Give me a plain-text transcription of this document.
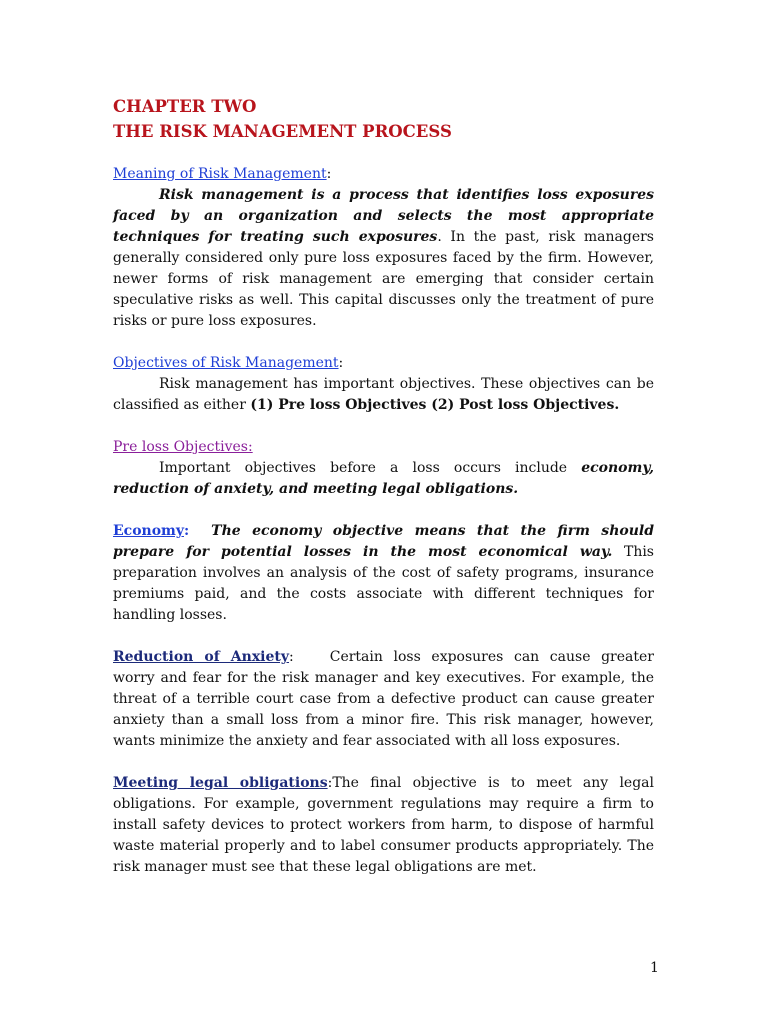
CHAPTER TWO
THE RISK MANAGEMENT PROCESS

Meaning of Risk Management:
Risk management is a process that identifies loss exposures faced by an organization and selects the most appropriate techniques for treating such exposures. In the past, risk managers generally considered only pure loss exposures faced by the firm. However, newer forms of risk management are emerging that consider certain speculative risks as well. This capital discusses only the treatment of pure risks or pure loss exposures.

Objectives of Risk Management:
Risk management has important objectives. These objectives can be classified as either (1) Pre loss Objectives (2) Post loss Objectives.

Pre loss Objectives:
Important objectives before a loss occurs include economy, reduction of anxiety, and meeting legal obligations.

Economy: The economy objective means that the firm should prepare for potential losses in the most economical way. This preparation involves an analysis of the cost of safety programs, insurance premiums paid, and the costs associate with different techniques for handling losses.

Reduction of Anxiety:	Certain loss exposures can cause greater worry and fear for the risk manager and key executives. For example, the threat of a terrible court case from a defective product can cause greater anxiety than a small loss from a minor fire. This risk manager, however, wants minimize the anxiety and fear associated with all loss exposures.

Meeting legal obligations:The final objective is to meet any legal obligations. For example, government regulations may require a firm to install safety devices to protect workers from harm, to dispose of harmful waste material properly and to label consumer products appropriately. The risk manager must see that these legal obligations are met.

1
